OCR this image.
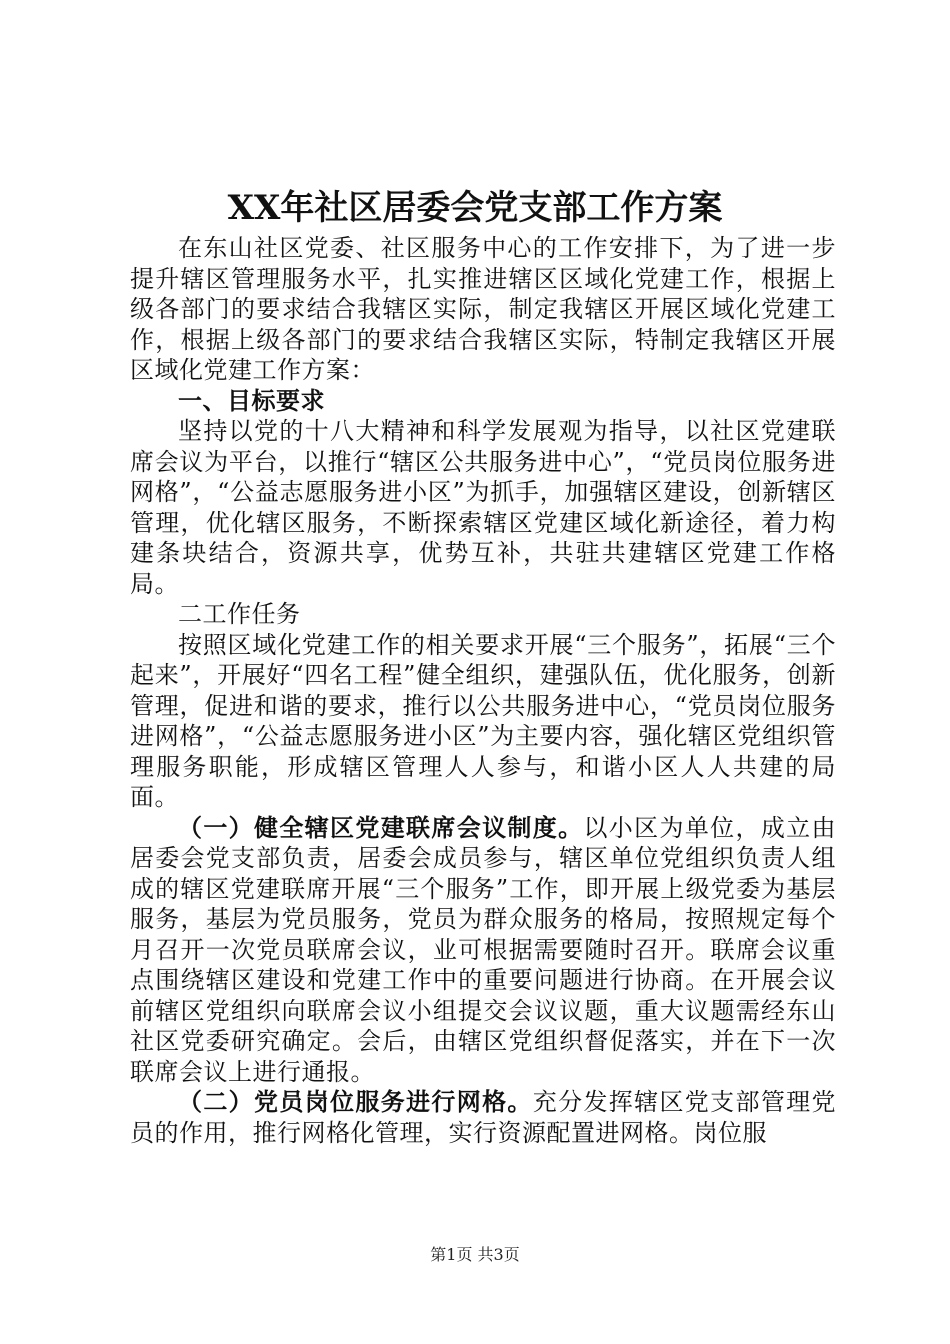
XX年社区居委会党支部工作方案

在东山社区党委、社区服务中心的工作安排下，为了进一步提升辖区管理服务水平，扎实推进辖区区域化党建工作，根据上级各部门的要求结合我辖区实际，制定我辖区开展区域化党建工作，根据上级各部门的要求结合我辖区实际，特制定我辖区开展区域化党建工作方案：

一、目标要求

坚持以党的十八大精神和科学发展观为指导，以社区党建联席会议为平台，以推行“辖区公共服务进中心”，“党员岗位服务进网格”，“公益志愿服务进小区”为抓手，加强辖区建设，创新辖区管理，优化辖区服务，不断探索辖区党建区域化新途径，着力构建条块结合，资源共享，优势互补，共驻共建辖区党建工作格局。

二工作任务

按照区域化党建工作的相关要求开展“三个服务”，拓展“三个起来”，开展好“四名工程”健全组织，建强队伍，优化服务，创新管理，促进和谐的要求，推行以公共服务进中心，“党员岗位服务进网格”，“公益志愿服务进小区”为主要内容，强化辖区党组织管理服务职能，形成辖区管理人人参与，和谐小区人人共建的局面。

（一）健全辖区党建联席会议制度。以小区为单位，成立由居委会党支部负责，居委会成员参与，辖区单位党组织负责人组成的辖区党建联席开展“三个服务”工作，即开展上级党委为基层服务，基层为党员服务，党员为群众服务的格局，按照规定每个月召开一次党员联席会议，业可根据需要随时召开。联席会议重点围绕辖区建设和党建工作中的重要问题进行协商。在开展会议前辖区党组织向联席会议小组提交会议议题，重大议题需经东山社区党委研究确定。会后，由辖区党组织督促落实，并在下一次联席会议上进行通报。

（二）党员岗位服务进行网格。充分发挥辖区党支部管理党员的作用，推行网格化管理，实行资源配置进网格。岗位服

第1页 共3页
